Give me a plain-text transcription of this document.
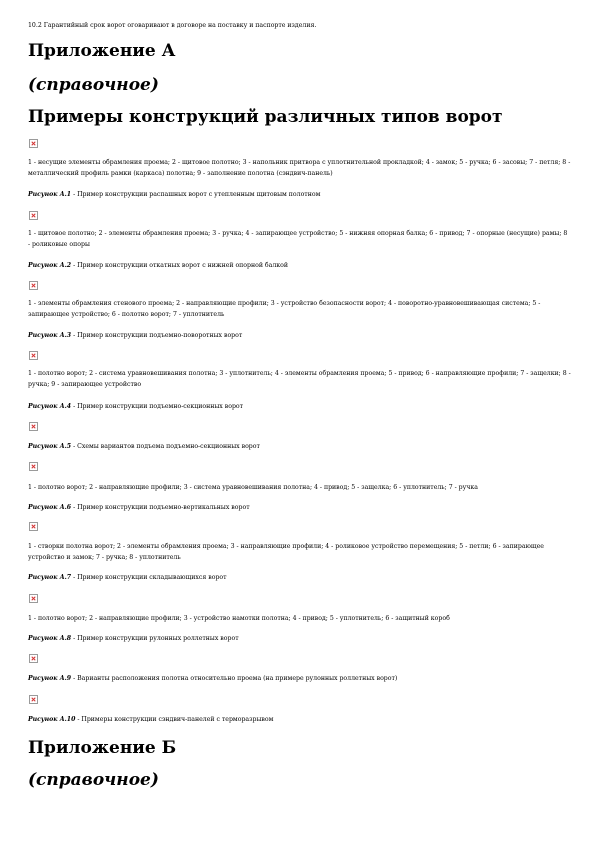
10.2 Гарантийный срок ворот оговаривают в договоре на поставку и паспорте изделия.
Приложение А
(справочное)
Примеры конструкций различных типов ворот
1 - несущие элементы обрамления проема; 2 - щитовое полотно; 3 - напольник притвора с уплотнительной прокладкой; 4 - замок; 5 - ручка; 6 - засовы; 7 - петля; 8 - металлический профиль рамки (каркаса) полотна; 9 - заполнение полотна (сэндвич-панель)
Рисунок А.1 - Пример конструкции распашных ворот с утепленным щитовым полотном
1 - щитовое полотно; 2 - элементы обрамления проема; 3 - ручка; 4 - запирающее устройство; 5 - нижняя опорная балка; 6 - привод; 7 - опорные (несущие) рамы; 8 - роликовые опоры
Рисунок А.2 - Пример конструкции откатных ворот с нижней опорной балкой
1 - элементы обрамления стенового проема; 2 - направляющие профили; 3 - устройство безопасности ворот; 4 - поворотно-уравновешивающая система; 5 - запирающее устройство; 6 - полотно ворот; 7 - уплотнитель
Рисунок А.3 - Пример конструкции подъемно-поворотных ворот
1 - полотно ворот; 2 - система уравновешивания полотна; 3 - уплотнитель; 4 - элементы обрамления проема; 5 - привод; 6 - направляющие профили; 7 - защелки; 8 - ручка; 9 - запирающее устройство
Рисунок А.4 - Пример конструкции подъемно-секционных ворот
Рисунок А.5 - Схемы вариантов подъема подъемно-секционных ворот
1 - полотно ворот; 2 - направляющие профили; 3 - система уравновешивания полотна; 4 - привод; 5 - защелка; 6 - уплотнитель; 7 - ручка
Рисунок А.6 - Пример конструкции подъемно-вертикальных ворот
1 - створки полотна ворот; 2 - элементы обрамления проема; 3 - направляющие профили; 4 - роликовое устройство перемещения; 5 - петли; 6 - запирающее устройство и замок; 7 - ручка; 8 - уплотнитель
Рисунок А.7 - Пример конструкции складывающихся ворот
1 - полотно ворот; 2 - направляющие профили; 3 - устройство намотки полотна; 4 - привод; 5 - уплотнитель; 6 - защитный короб
Рисунок А.8 - Пример конструкции рулонных роллетных ворот
Рисунок А.9 - Варианты расположения полотна относительно проема (на примере рулонных роллетных ворот)
Рисунок А.10 - Примеры конструкции сэндвич-панелей с терморазрывом
Приложение Б
(справочное)
